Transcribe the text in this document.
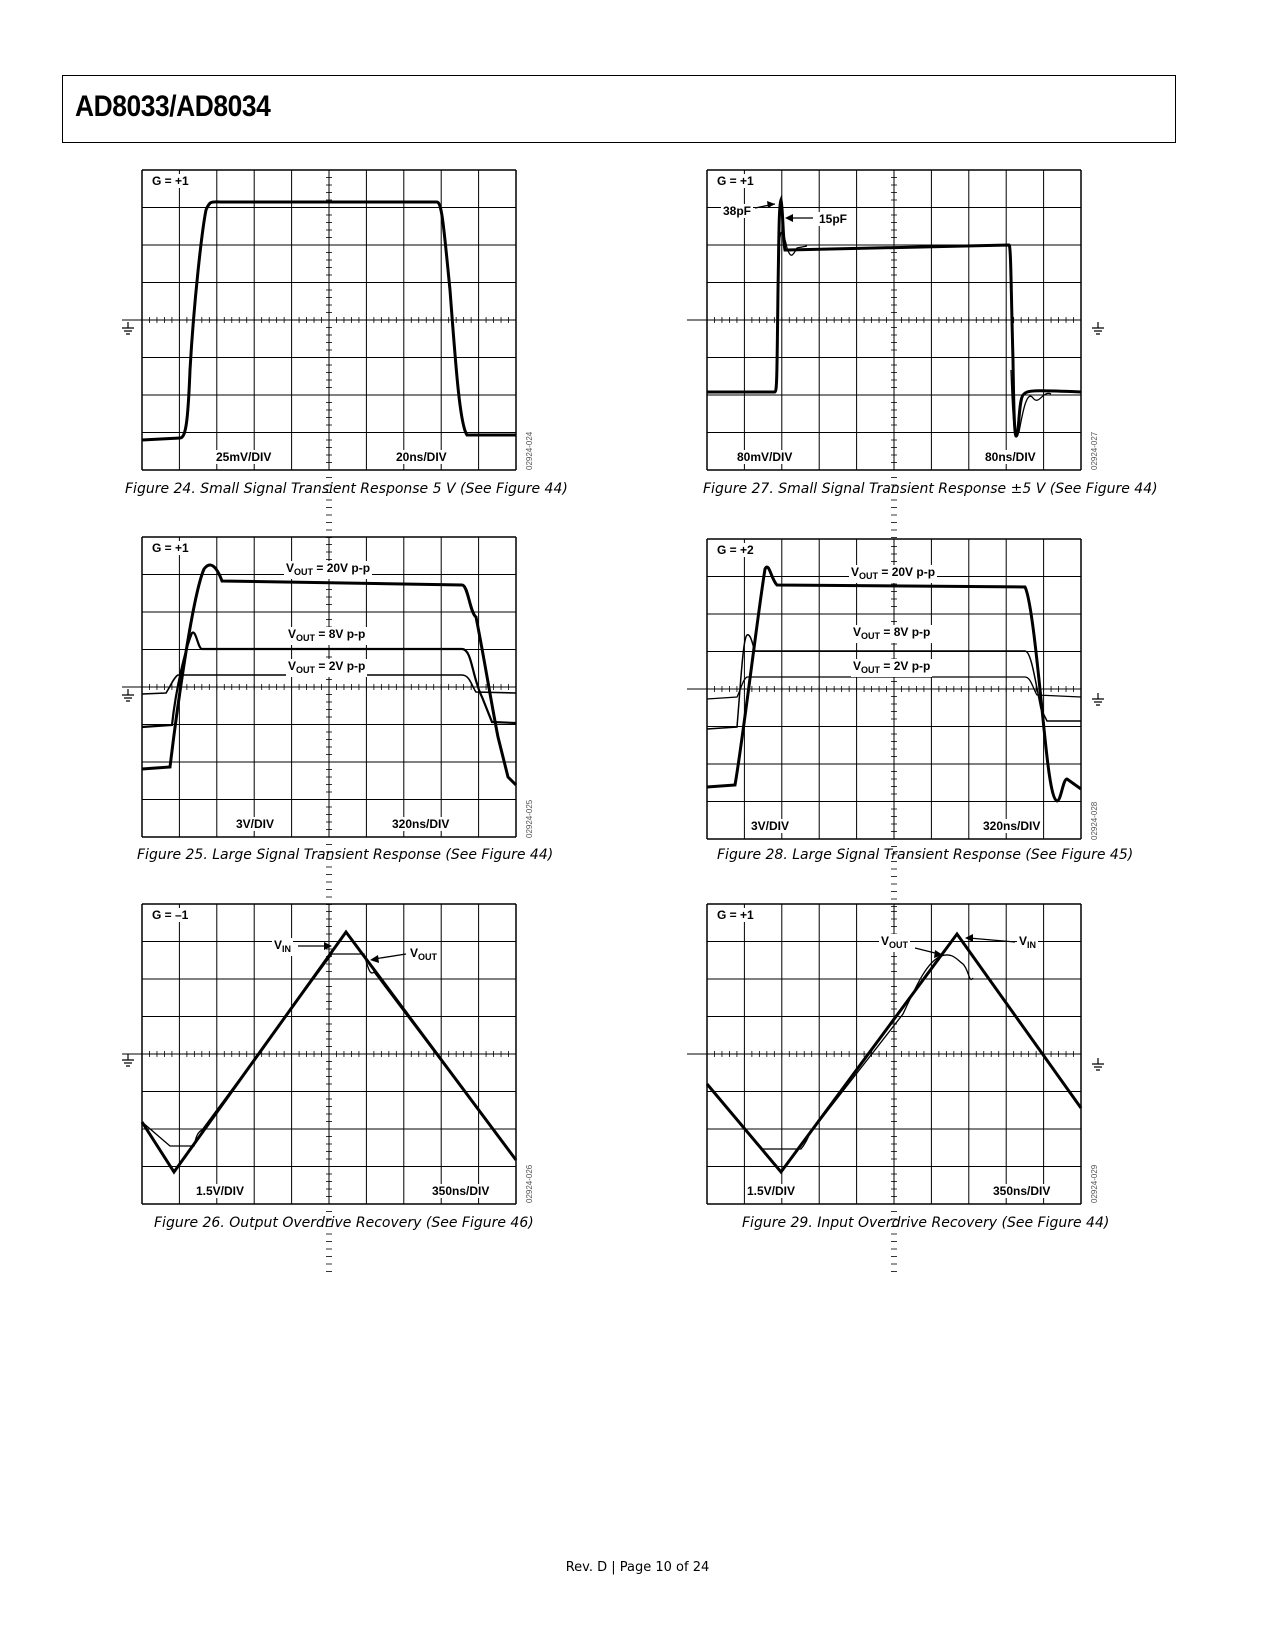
AD8033/AD8034
G = +1
25mV/DIV	20ns/DIV	02924-024
Figure 24. Small Signal Transient Response 5 V (See Figure 44)
G = +1
38pF
15pF
80mV/DIV	80ns/DIV	02924-027
Figure 27. Small Signal Transient Response ±5 V (See Figure 44)
G = +1
$V_{OUT} = 20V$ p-p
$V_{OUT} = 8V$ p-p
$V_{OUT} = 2V$ p-p
3V/DIV	320ns/DIV	02924-025
Figure 25. Large Signal Transient Response (See Figure 44)
G = +2
$V_{OUT} = 20V$ p-p
$V_{OUT} = 8V$ p-p
$V_{OUT} = 2V$ p-p
3V/DIV	320ns/DIV	02924-028
Figure 28. Large Signal Transient Response (See Figure 45)
G = –1
$V_{IN}$	$V_{OUT}$
1.5V/DIV	350ns/DIV	02924-026
Figure 26. Output Overdrive Recovery (See Figure 46)
G = +1
$V_{OUT}$	$V_{IN}$
1.5V/DIV	350ns/DIV	02924-029
Figure 29. Input Overdrive Recovery (See Figure 44)
Rev. D | Page 10 of 24
